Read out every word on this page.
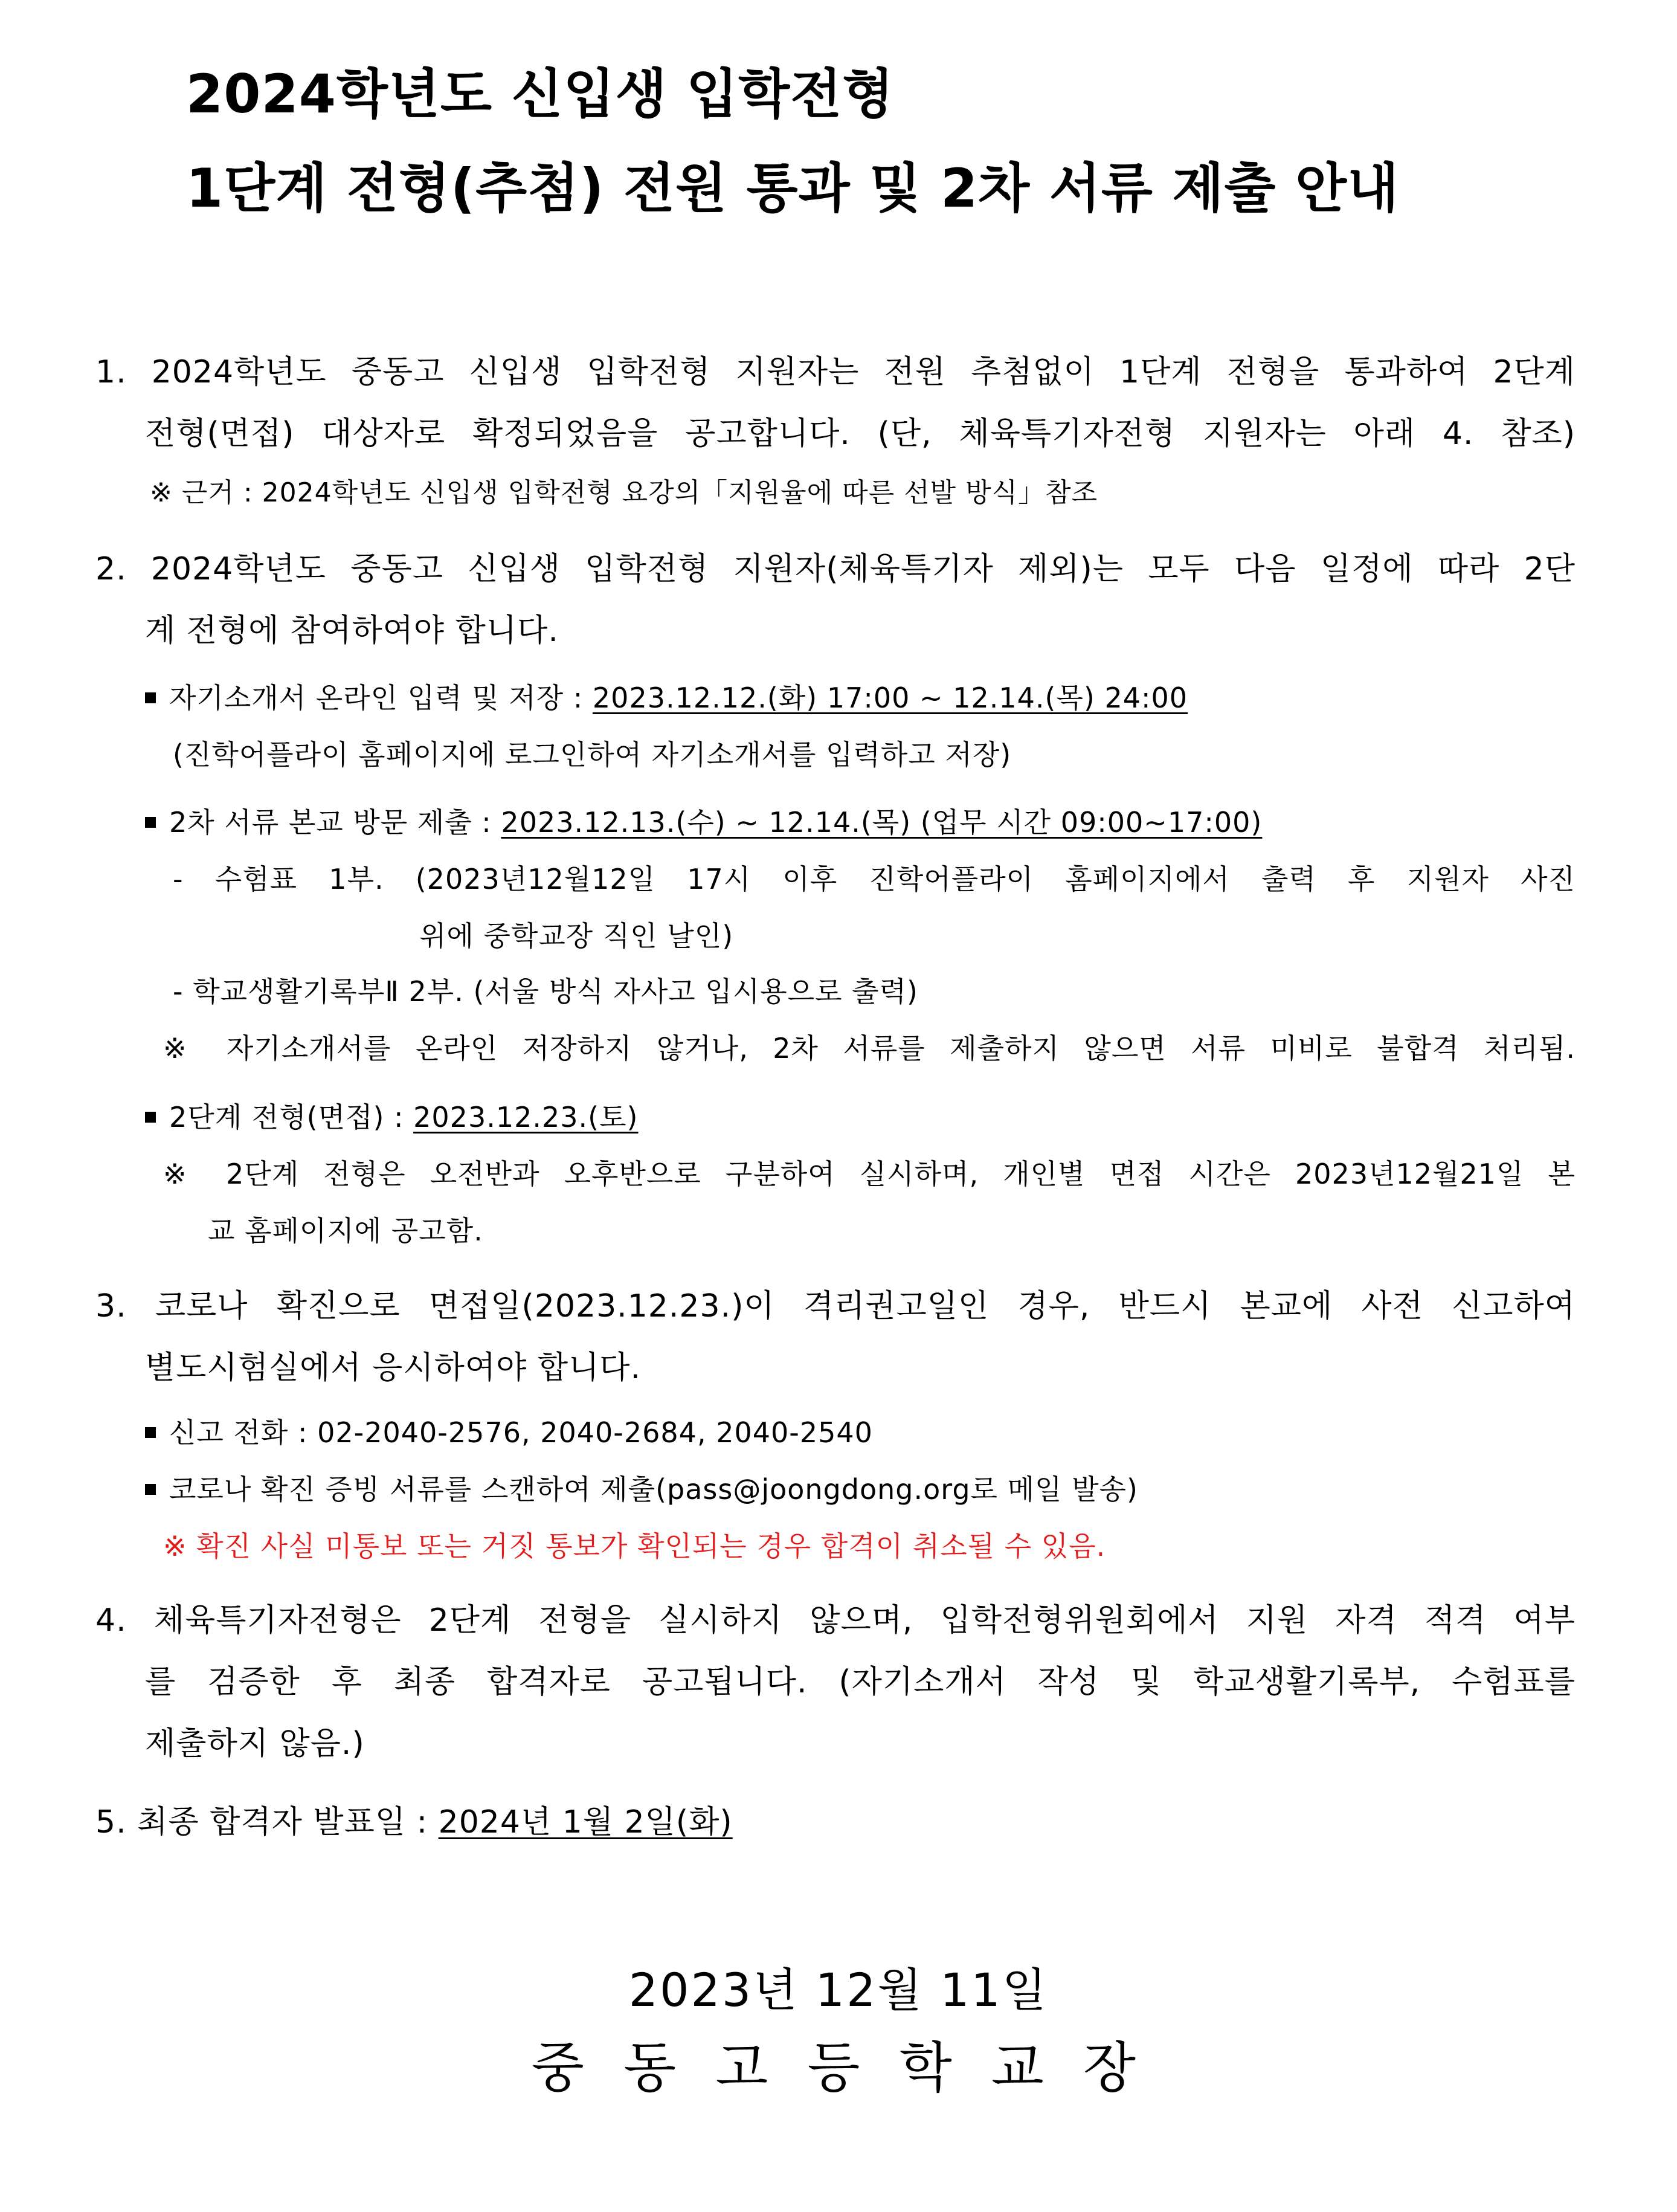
2024학년도 신입생 입학전형
1단계 전형(추첨) 전원 통과 및 2차 서류 제출 안내
1. 2024학년도 중동고 신입생 입학전형 지원자는 전원 추첨없이 1단계 전형을 통과하여 2단계
전형(면접) 대상자로 확정되었음을 공고합니다. (단, 체육특기자전형 지원자는 아래 4. 참조)
※ 근거 : 2024학년도 신입생 입학전형 요강의「지원율에 따른 선발 방식」참조
2. 2024학년도 중동고 신입생 입학전형 지원자(체육특기자 제외)는 모두 다음 일정에 따라 2단
계 전형에 참여하여야 합니다.
자기소개서 온라인 입력 및 저장 : 2023.12.12.(화) 17:00 ~ 12.14.(목) 24:00
(진학어플라이 홈페이지에 로그인하여 자기소개서를 입력하고 저장)
2차 서류 본교 방문 제출 : 2023.12.13.(수) ~ 12.14.(목) (업무 시간 09:00~17:00)
- 수험표 1부. (2023년12월12일 17시 이후 진학어플라이 홈페이지에서 출력 후 지원자 사진
위에 중학교장 직인 날인)
- 학교생활기록부Ⅱ 2부. (서울 방식 자사고 입시용으로 출력)
※ 자기소개서를 온라인 저장하지 않거나, 2차 서류를 제출하지 않으면 서류 미비로 불합격 처리됨.
2단계 전형(면접) : 2023.12.23.(토)
※ 2단계 전형은 오전반과 오후반으로 구분하여 실시하며, 개인별 면접 시간은 2023년12월21일 본
교 홈페이지에 공고함.
3. 코로나 확진으로 면접일(2023.12.23.)이 격리권고일인 경우, 반드시 본교에 사전 신고하여
별도시험실에서 응시하여야 합니다.
신고 전화 : 02-2040-2576, 2040-2684, 2040-2540
코로나 확진 증빙 서류를 스캔하여 제출(pass@joongdong.org로 메일 발송)
※ 확진 사실 미통보 또는 거짓 통보가 확인되는 경우 합격이 취소될 수 있음.
4. 체육특기자전형은 2단계 전형을 실시하지 않으며, 입학전형위원회에서 지원 자격 적격 여부
를 검증한 후 최종 합격자로 공고됩니다. (자기소개서 작성 및 학교생활기록부, 수험표를
제출하지 않음.)
5. 최종 합격자 발표일 : 2024년 1월 2일(화)
2023년 12월 11일
중 동 고 등 학 교 장
